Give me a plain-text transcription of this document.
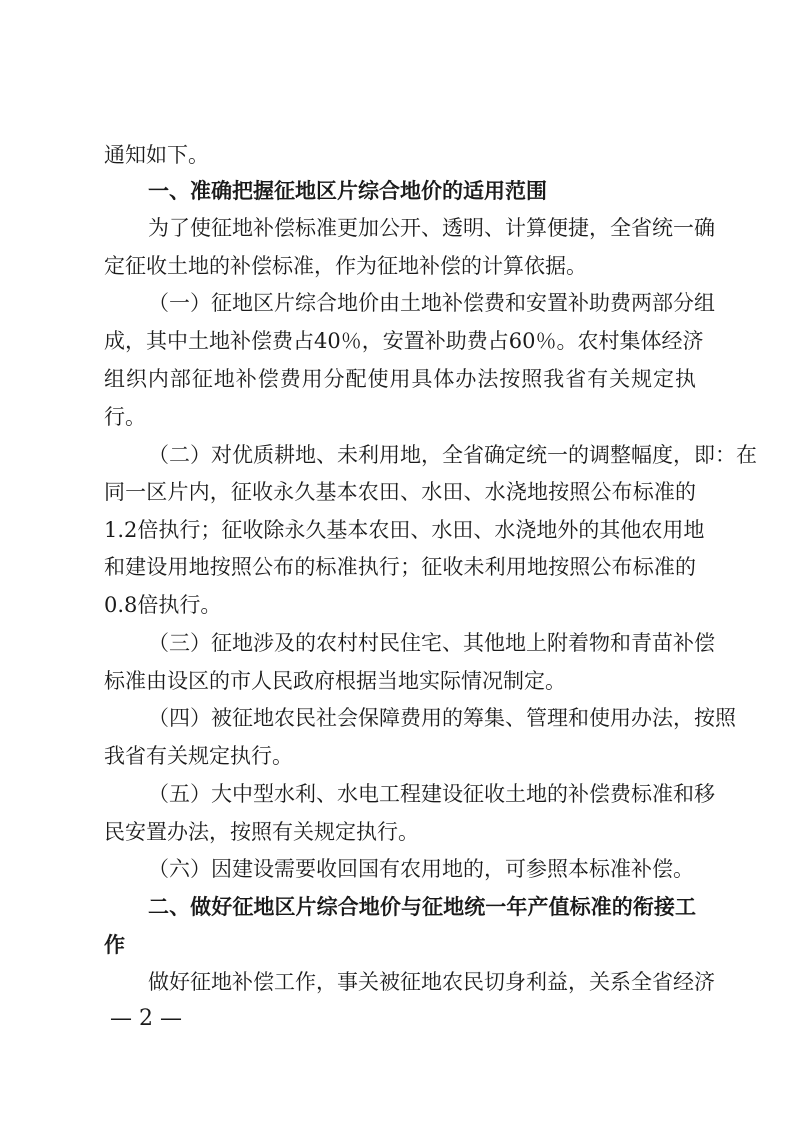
通知如下。
一、准确把握征地区片综合地价的适用范围
为了使征地补偿标准更加公开、透明、计算便捷，全省统一确
定征收土地的补偿标准，作为征地补偿的计算依据。
（一）征地区片综合地价由土地补偿费和安置补助费两部分组
成，其中土地补偿费占40％，安置补助费占60％。农村集体经济
组织内部征地补偿费用分配使用具体办法按照我省有关规定执
行。
（二）对优质耕地、未利用地，全省确定统一的调整幅度，即：在
同一区片内，征收永久基本农田、水田、水浇地按照公布标准的
1.2倍执行；征收除永久基本农田、水田、水浇地外的其他农用地
和建设用地按照公布的标准执行；征收未利用地按照公布标准的
0.8倍执行。
（三）征地涉及的农村村民住宅、其他地上附着物和青苗补偿
标准由设区的市人民政府根据当地实际情况制定。
（四）被征地农民社会保障费用的筹集、管理和使用办法，按照
我省有关规定执行。
（五）大中型水利、水电工程建设征收土地的补偿费标准和移
民安置办法，按照有关规定执行。
（六）因建设需要收回国有农用地的，可参照本标准补偿。
二、做好征地区片综合地价与征地统一年产值标准的衔接工
作
做好征地补偿工作，事关被征地农民切身利益，关系全省经济
— 2 —
